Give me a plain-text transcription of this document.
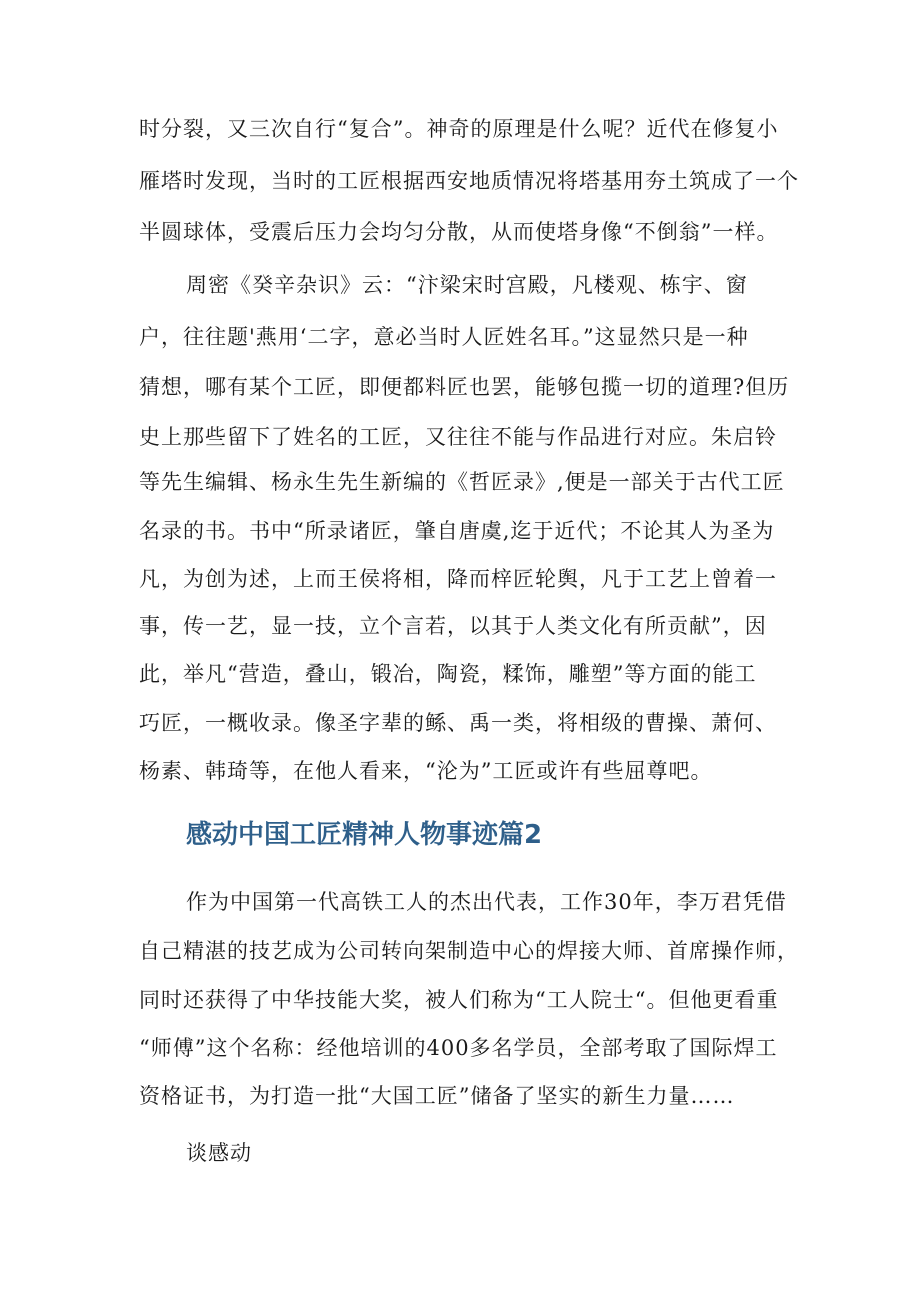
时分裂，又三次自行“复合”。神奇的原理是什么呢？近代在修复小

雁塔时发现，当时的工匠根据西安地质情况将塔基用夯土筑成了一个

半圆球体，受震后压力会均匀分散，从而使塔身像“不倒翁”一样。

周密《癸辛杂识》云：“汴梁宋时宫殿，凡楼观、栋宇、窗

户，往往题'燕用‘二字，意必当时人匠姓名耳。”这显然只是一种

猜想，哪有某个工匠，即便都料匠也罢，能够包揽一切的道理?但历

史上那些留下了姓名的工匠，又往往不能与作品进行对应。朱启铃

等先生编辑、杨永生先生新编的《哲匠录》,便是一部关于古代工匠

名录的书。书中“所录诸匠，肇自唐虞,迄于近代；不论其人为圣为

凡，为创为述，上而王侯将相，降而梓匠轮舆，凡于工艺上曾着一

事，传一艺，显一技，立个言若，以其于人类文化有所贡献”，因

此，举凡“营造，叠山，锻冶，陶瓷，糅饰，雕塑”等方面的能工

巧匠，一概收录。像圣字辈的鲧、禹一类，将相级的曹操、萧何、

杨素、韩琦等，在他人看来，“沦为”工匠或许有些屈尊吧。

感动中国工匠精神人物事迹篇2

作为中国第一代高铁工人的杰出代表，工作30年，李万君凭借

自己精湛的技艺成为公司转向架制造中心的焊接大师、首席操作师，

同时还获得了中华技能大奖，被人们称为“工人院士“。但他更看重

“师傅”这个名称：经他培训的400多名学员，全部考取了国际焊工

资格证书，为打造一批“大国工匠”储备了坚实的新生力量……

谈感动
